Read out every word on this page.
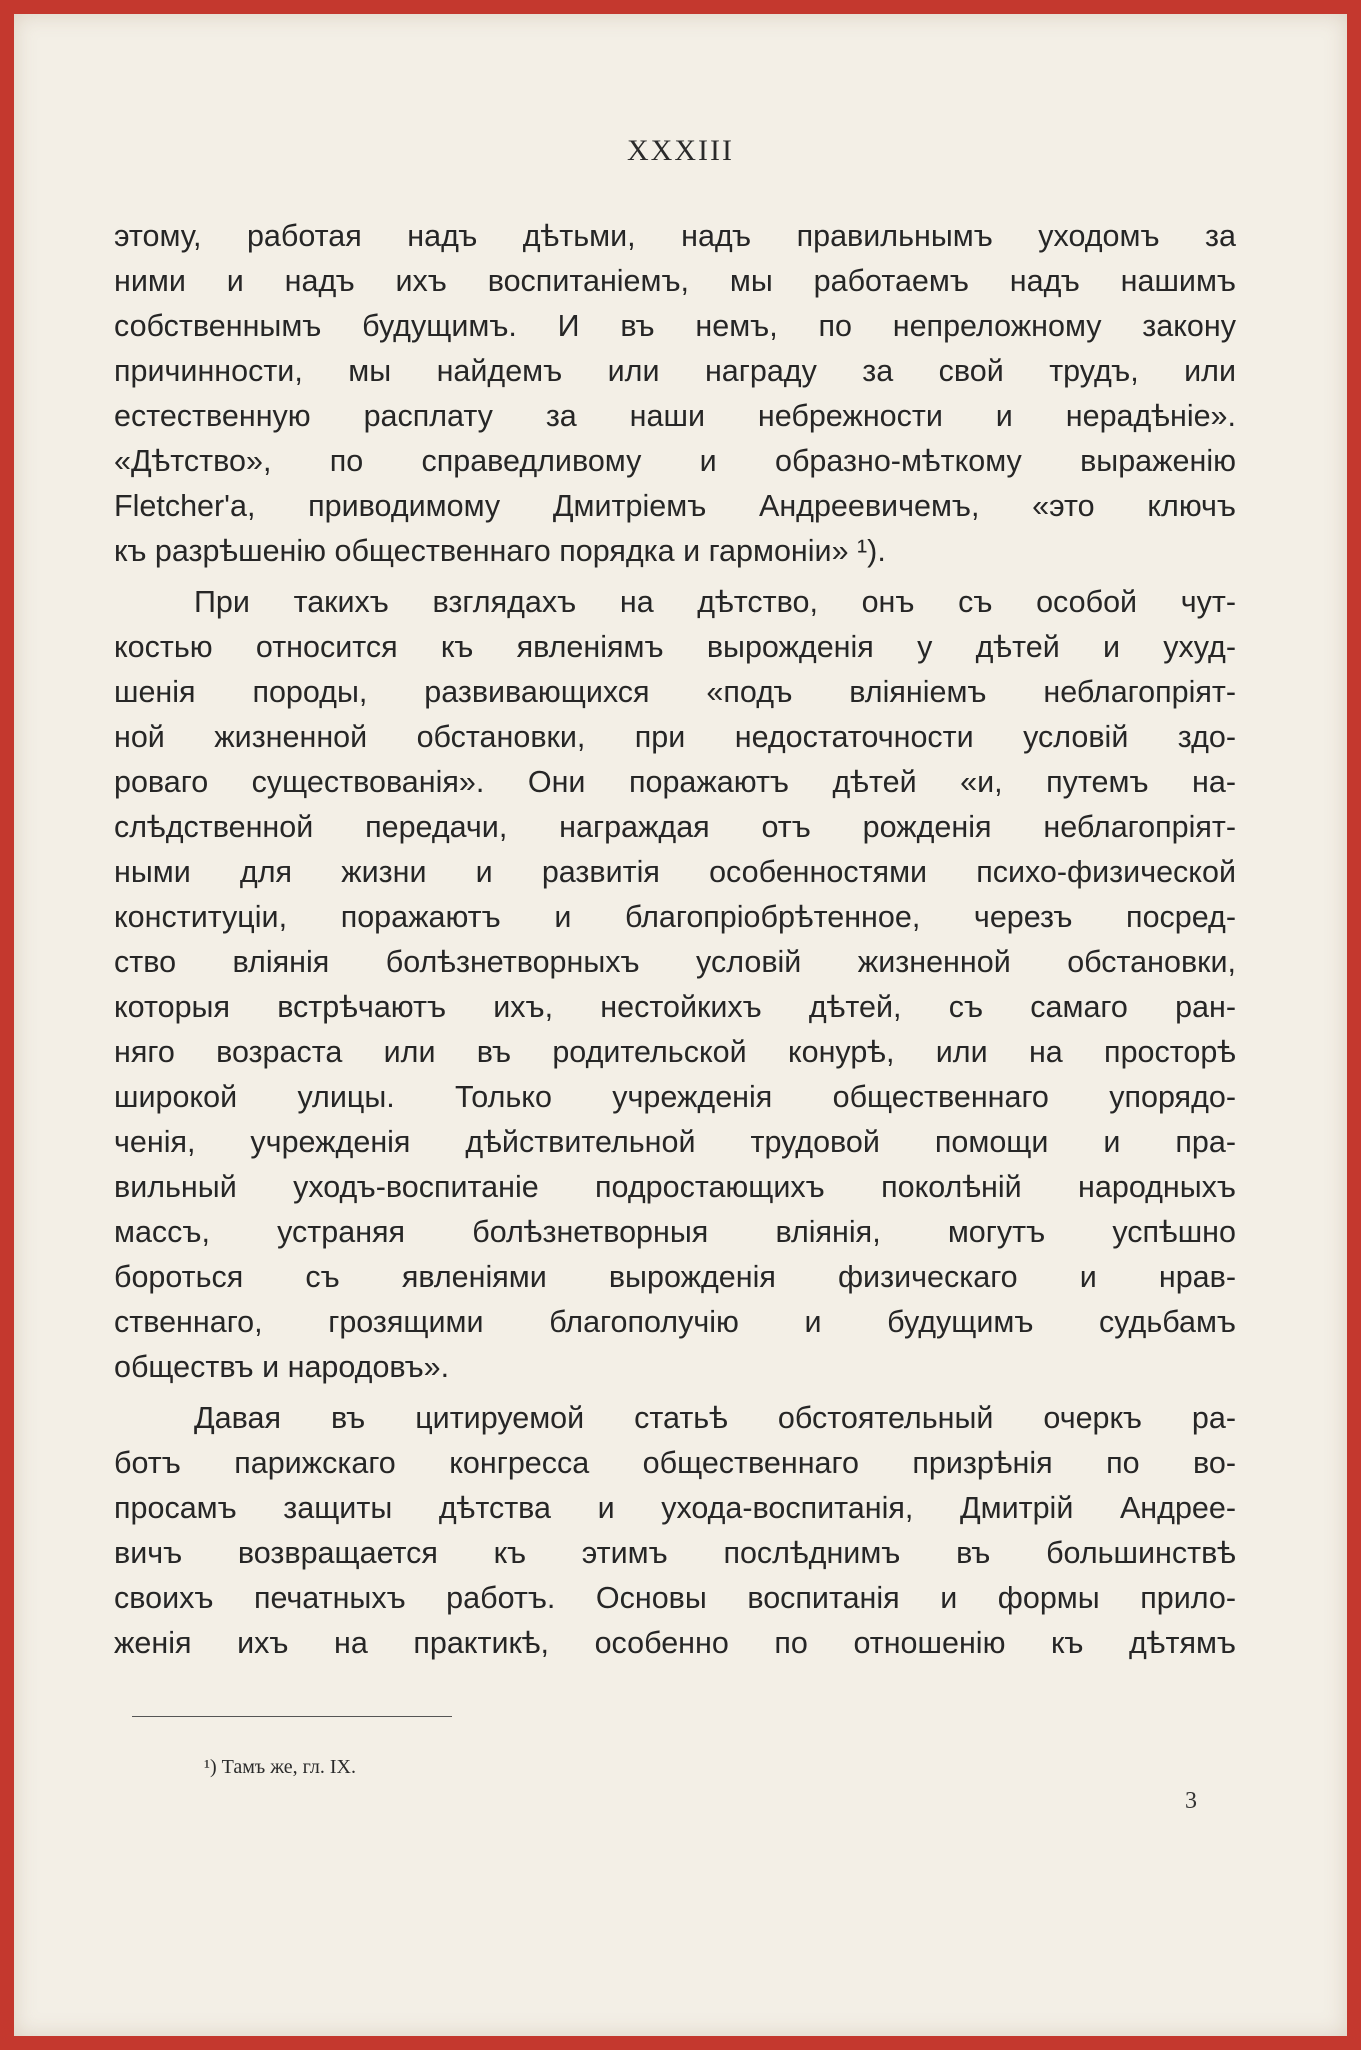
XXXIII

этому, работая надъ дѣтьми, надъ правильнымъ уходомъ за
ними и надъ ихъ воспитаніемъ, мы работаемъ надъ нашимъ
собственнымъ будущимъ. И въ немъ, по непреложному закону
причинности, мы найдемъ или награду за свой трудъ, или
естественную расплату за наши небрежности и нерадѣніе».
«Дѣтство», по справедливому и образно-мѣткому выраженію
Fletcher'a, приводимому Дмитріемъ Андреевичемъ, «это ключъ
къ разрѣшенію общественнаго порядка и гармоніи» ¹).

При такихъ взглядахъ на дѣтство, онъ съ особой чут-
костью относится къ явленіямъ вырожденія у дѣтей и ухуд-
шенія породы, развивающихся «подъ вліяніемъ неблагопріят-
ной жизненной обстановки, при недостаточности условій здо-
роваго существованія». Они поражаютъ дѣтей «и, путемъ на-
слѣдственной передачи, награждая отъ рожденія неблагопріят-
ными для жизни и развитія особенностями психо-физической
конституціи, поражаютъ и благопріобрѣтенное, черезъ посред-
ство вліянія болѣзнетворныхъ условій жизненной обстановки,
которыя встрѣчаютъ ихъ, нестойкихъ дѣтей, съ самаго ран-
няго возраста или въ родительской конурѣ, или на просторѣ
широкой улицы. Только учрежденія общественнаго упорядо-
ченія, учрежденія дѣйствительной трудовой помощи и пра-
вильный уходъ-воспитаніе подростающихъ поколѣній народныхъ
массъ, устраняя болѣзнетворныя вліянія, могутъ успѣшно
бороться съ явленіями вырожденія физическаго и нрав-
ственнаго, грозящими благополучію и будущимъ судьбамъ
обществъ и народовъ».

Давая въ цитируемой статьѣ обстоятельный очеркъ ра-
ботъ парижскаго конгресса общественнаго призрѣнія по во-
просамъ защиты дѣтства и ухода-воспитанія, Дмитрій Андрее-
вичъ возвращается къ этимъ послѣднимъ въ большинствѣ
своихъ печатныхъ работъ. Основы воспитанія и формы прило-
женія ихъ на практикѣ, особенно по отношенію къ дѣтямъ

¹) Тамъ же, гл. IX.
3
